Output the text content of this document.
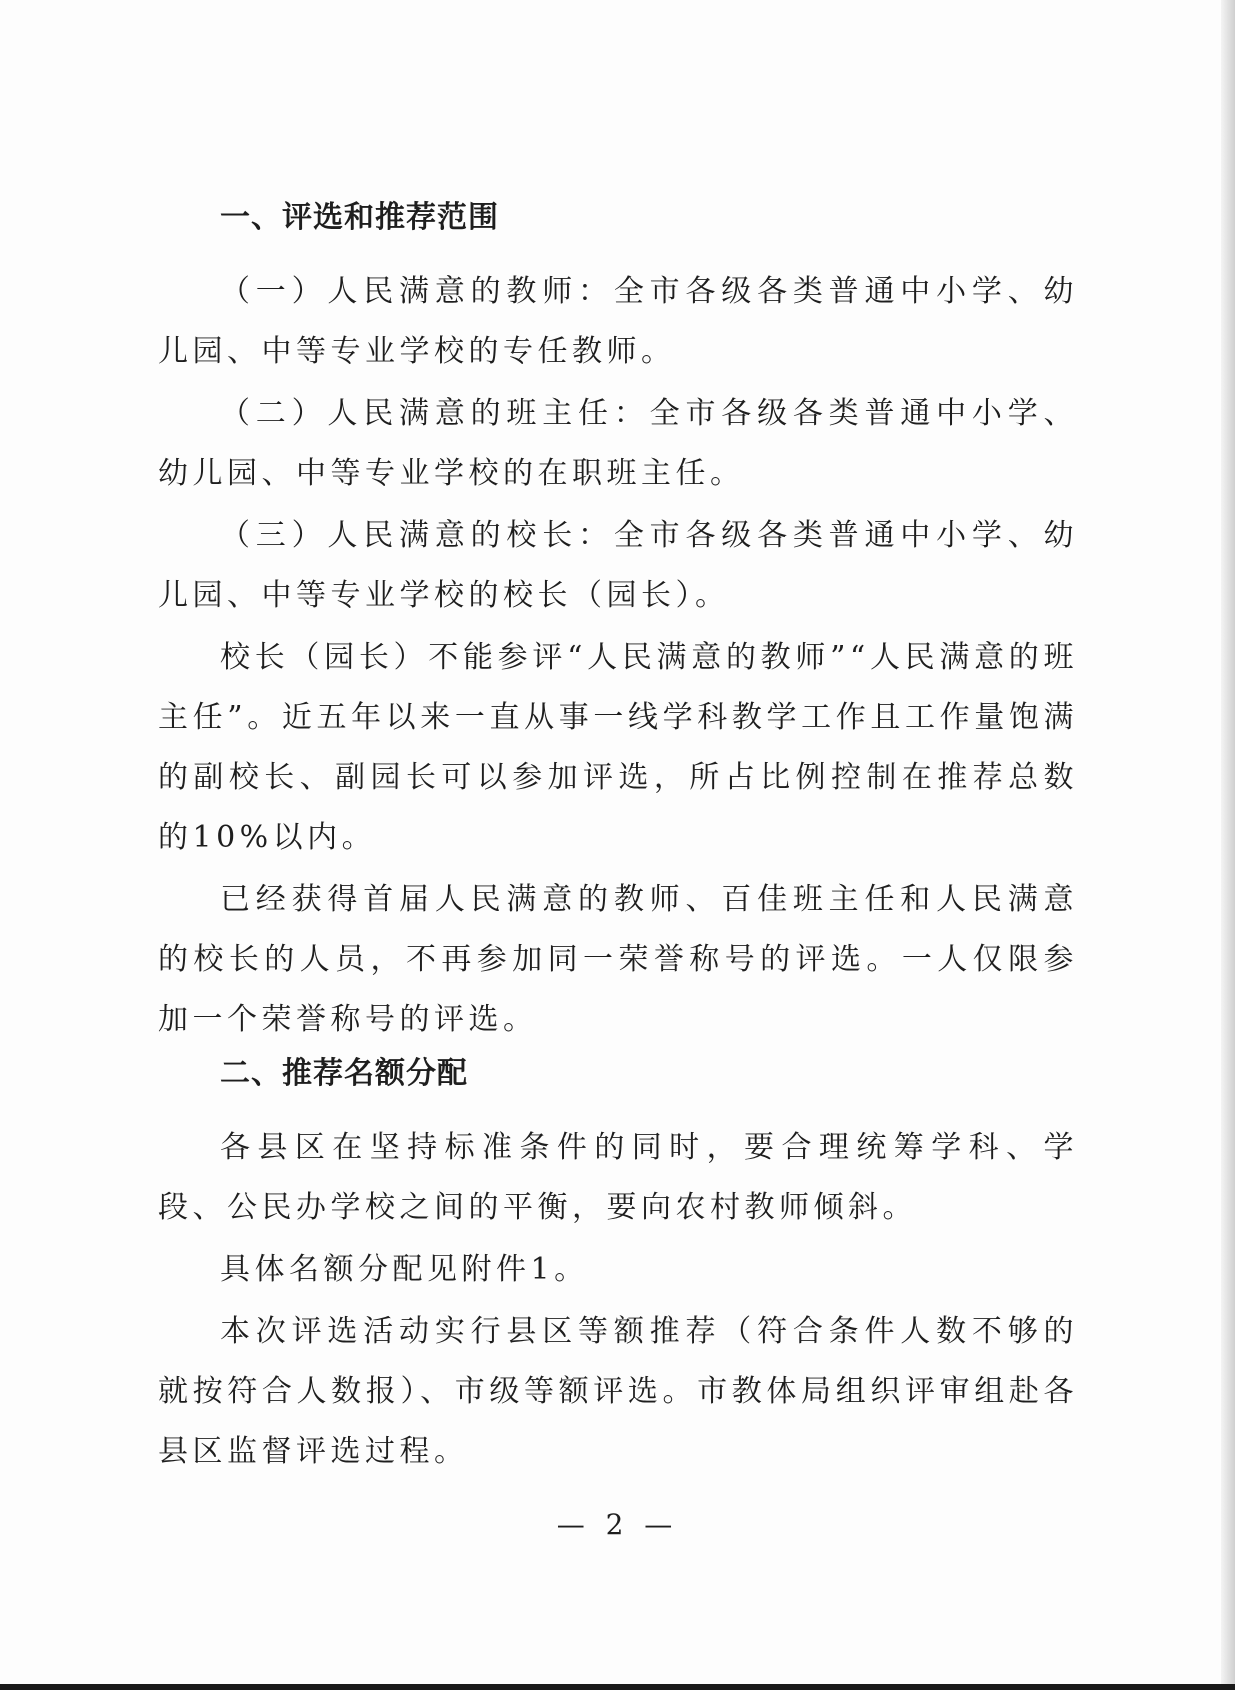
一、评选和推荐范围

（一）人民满意的教师：全市各级各类普通中小学、幼儿园、中等专业学校的专任教师。

（二）人民满意的班主任：全市各级各类普通中小学、幼儿园、中等专业学校的在职班主任。

（三）人民满意的校长：全市各级各类普通中小学、幼儿园、中等专业学校的校长（园长）。

校长（园长）不能参评“人民满意的教师”“人民满意的班主任”。近五年以来一直从事一线学科教学工作且工作量饱满的副校长、副园长可以参加评选，所占比例控制在推荐总数的10%以内。

已经获得首届人民满意的教师、百佳班主任和人民满意的校长的人员，不再参加同一荣誉称号的评选。一人仅限参加一个荣誉称号的评选。

二、推荐名额分配

各县区在坚持标准条件的同时，要合理统筹学科、学段、公民办学校之间的平衡，要向农村教师倾斜。

具体名额分配见附件1。

本次评选活动实行县区等额推荐（符合条件人数不够的就按符合人数报）、市级等额评选。市教体局组织评审组赴各县区监督评选过程。

— 2 —
